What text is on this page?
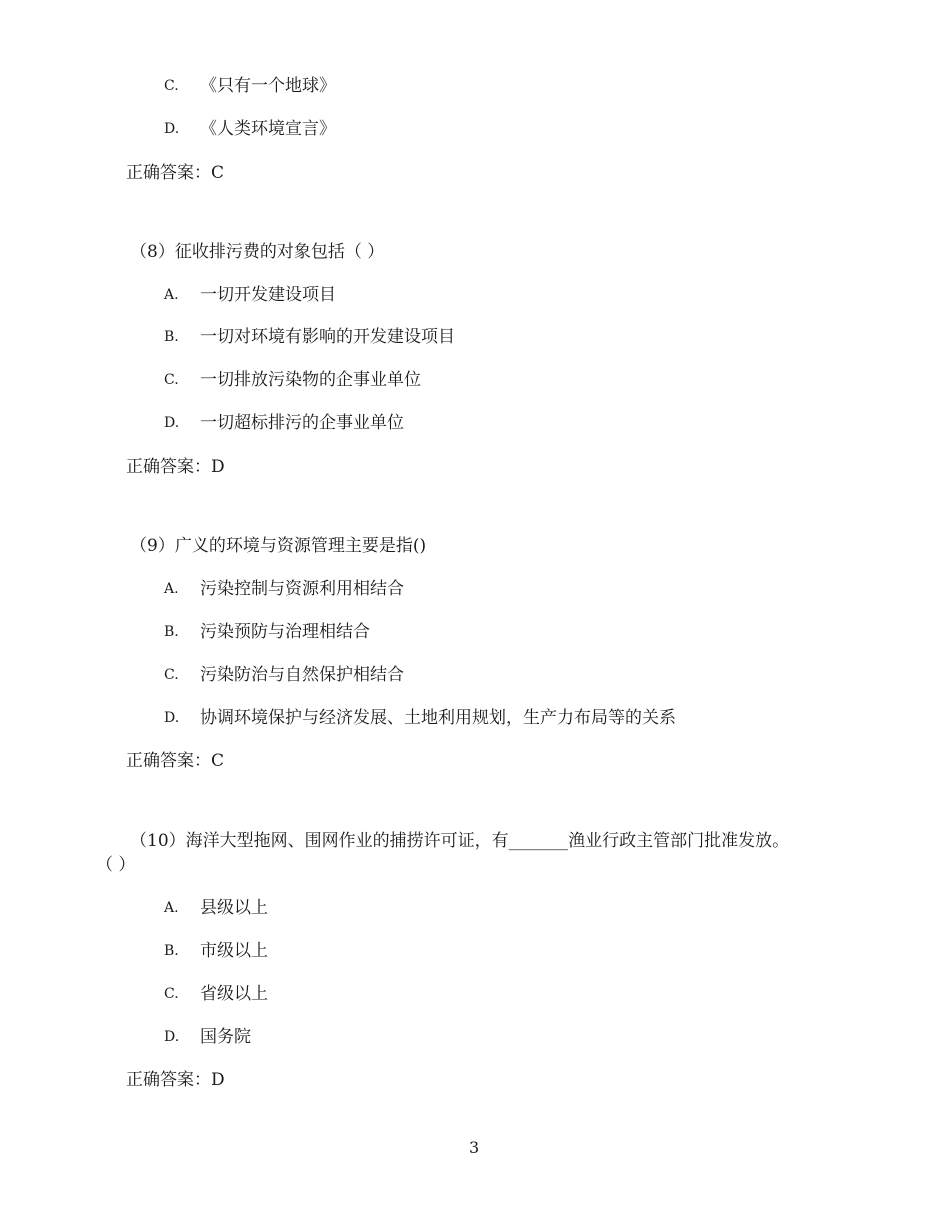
C. 《只有一个地球》
D. 《人类环境宣言》
正确答案：C
（8）征收排污费的对象包括（ ）
A. 一切开发建设项目
B. 一切对环境有影响的开发建设项目
C. 一切排放污染物的企事业单位
D. 一切超标排污的企事业单位
正确答案：D
（9）广义的环境与资源管理主要是指()
A. 污染控制与资源利用相结合
B. 污染预防与治理相结合
C. 污染防治与自然保护相结合
D. 协调环境保护与经济发展、土地利用规划，生产力布局等的关系
正确答案：C
（10）海洋大型拖网、围网作业的捕捞许可证，有_______渔业行政主管部门批准发放。
（ ）
A. 县级以上
B. 市级以上
C. 省级以上
D. 国务院
正确答案：D
3
